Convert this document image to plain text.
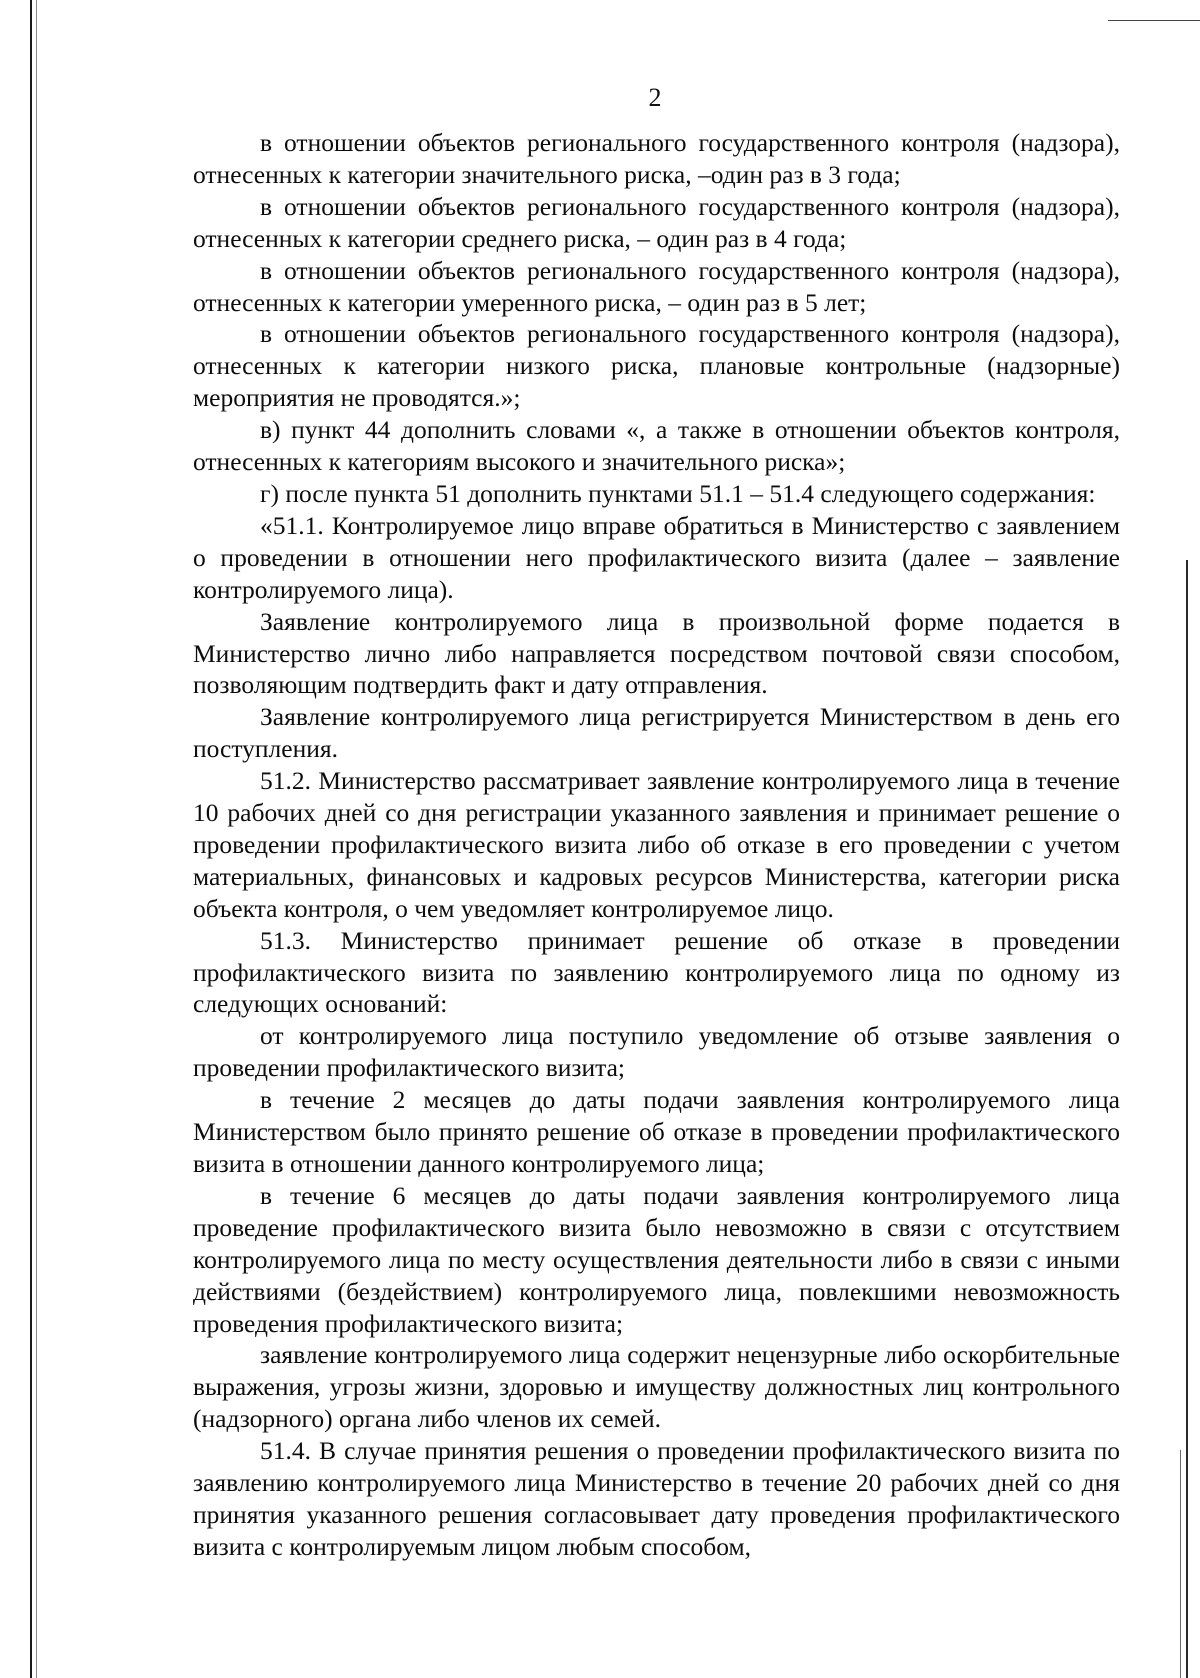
2

в отношении объектов регионального государственного контроля (надзора), отнесенных к категории значительного риска, –один раз в 3 года;

в отношении объектов регионального государственного контроля (надзора), отнесенных к категории среднего риска, – один раз в 4 года;

в отношении объектов регионального государственного контроля (надзора), отнесенных к категории умеренного риска, – один раз в 5 лет;

в отношении объектов регионального государственного контроля (надзора), отнесенных к категории низкого риска, плановые контрольные (надзорные) мероприятия не проводятся.»;

в) пункт 44 дополнить словами «, а также в отношении объектов контроля, отнесенных к категориям высокого и значительного риска»;

г) после пункта 51 дополнить пунктами 51.1 – 51.4 следующего содержания:

«51.1. Контролируемое лицо вправе обратиться в Министерство с заявлением о проведении в отношении него профилактического визита (далее – заявление контролируемого лица).

Заявление контролируемого лица в произвольной форме подается в Министерство лично либо направляется посредством почтовой связи способом, позволяющим подтвердить факт и дату отправления.

Заявление контролируемого лица регистрируется Министерством в день его поступления.

51.2. Министерство рассматривает заявление контролируемого лица в течение 10 рабочих дней со дня регистрации указанного заявления и принимает решение о проведении профилактического визита либо об отказе в его проведении с учетом материальных, финансовых и кадровых ресурсов Министерства, категории риска объекта контроля, о чем уведомляет контролируемое лицо.

51.3. Министерство принимает решение об отказе в проведении профилактического визита по заявлению контролируемого лица по одному из следующих оснований:

от контролируемого лица поступило уведомление об отзыве заявления о проведении профилактического визита;

в течение 2 месяцев до даты подачи заявления контролируемого лица Министерством было принято решение об отказе в проведении профилактического визита в отношении данного контролируемого лица;

в течение 6 месяцев до даты подачи заявления контролируемого лица проведение профилактического визита было невозможно в связи с отсутствием контролируемого лица по месту осуществления деятельности либо в связи с иными действиями (бездействием) контролируемого лица, повлекшими невозможность проведения профилактического визита;

заявление контролируемого лица содержит нецензурные либо оскорбительные выражения, угрозы жизни, здоровью и имуществу должностных лиц контрольного (надзорного) органа либо членов их семей.

51.4. В случае принятия решения о проведении профилактического визита по заявлению контролируемого лица Министерство в течение 20 рабочих дней со дня принятия указанного решения согласовывает дату проведения профилактического визита с контролируемым лицом любым способом,
